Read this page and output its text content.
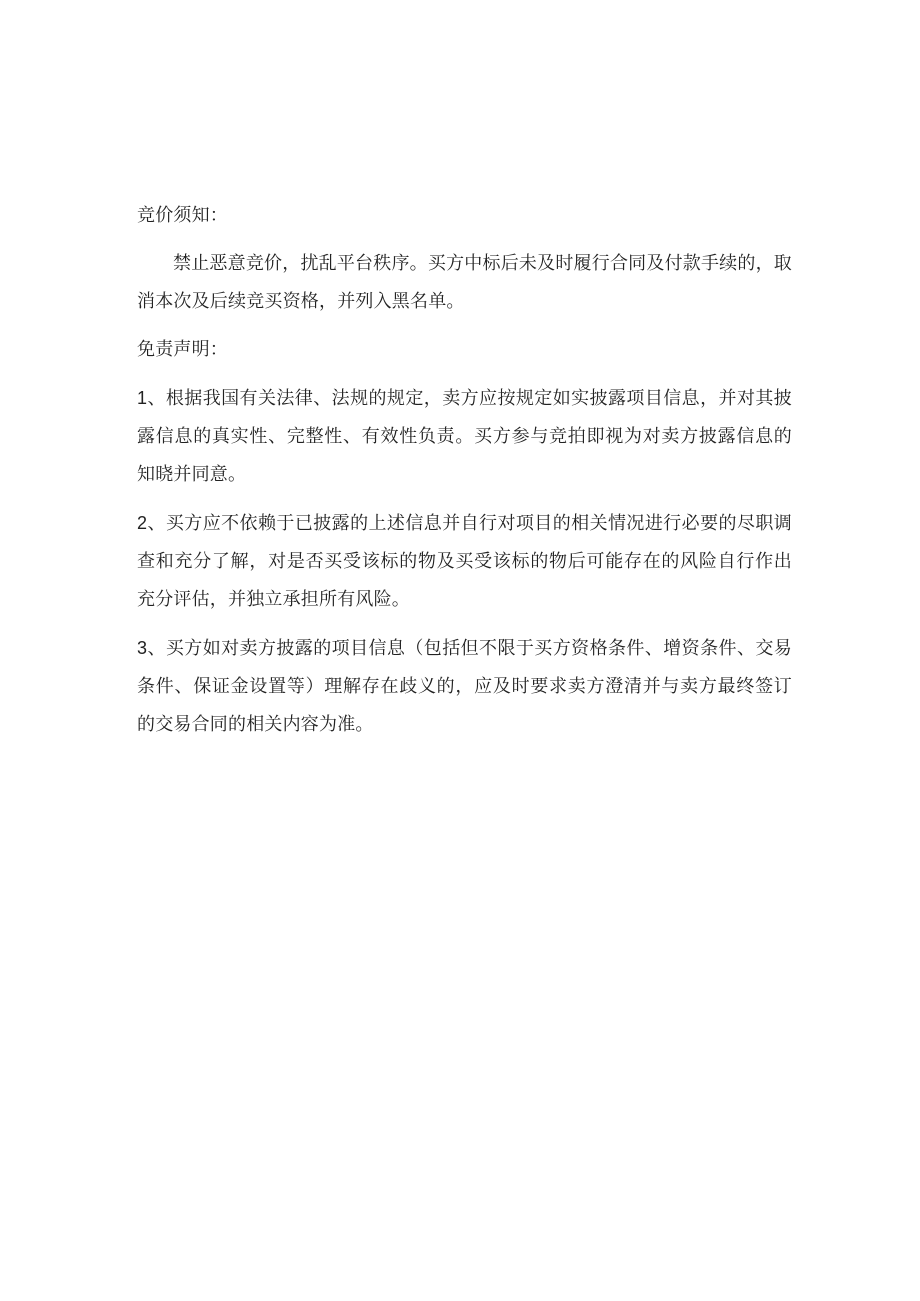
竞价须知：

禁止恶意竞价，扰乱平台秩序。买方中标后未及时履行合同及付款手续的，取消本次及后续竞买资格，并列入黑名单。

免责声明：

1、根据我国有关法律、法规的规定，卖方应按规定如实披露项目信息，并对其披露信息的真实性、完整性、有效性负责。买方参与竞拍即视为对卖方披露信息的知晓并同意。

2、买方应不依赖于已披露的上述信息并自行对项目的相关情况进行必要的尽职调查和充分了解，对是否买受该标的物及买受该标的物后可能存在的风险自行作出充分评估，并独立承担所有风险。

3、买方如对卖方披露的项目信息（包括但不限于买方资格条件、增资条件、交易条件、保证金设置等）理解存在歧义的，应及时要求卖方澄清并与卖方最终签订的交易合同的相关内容为准。
